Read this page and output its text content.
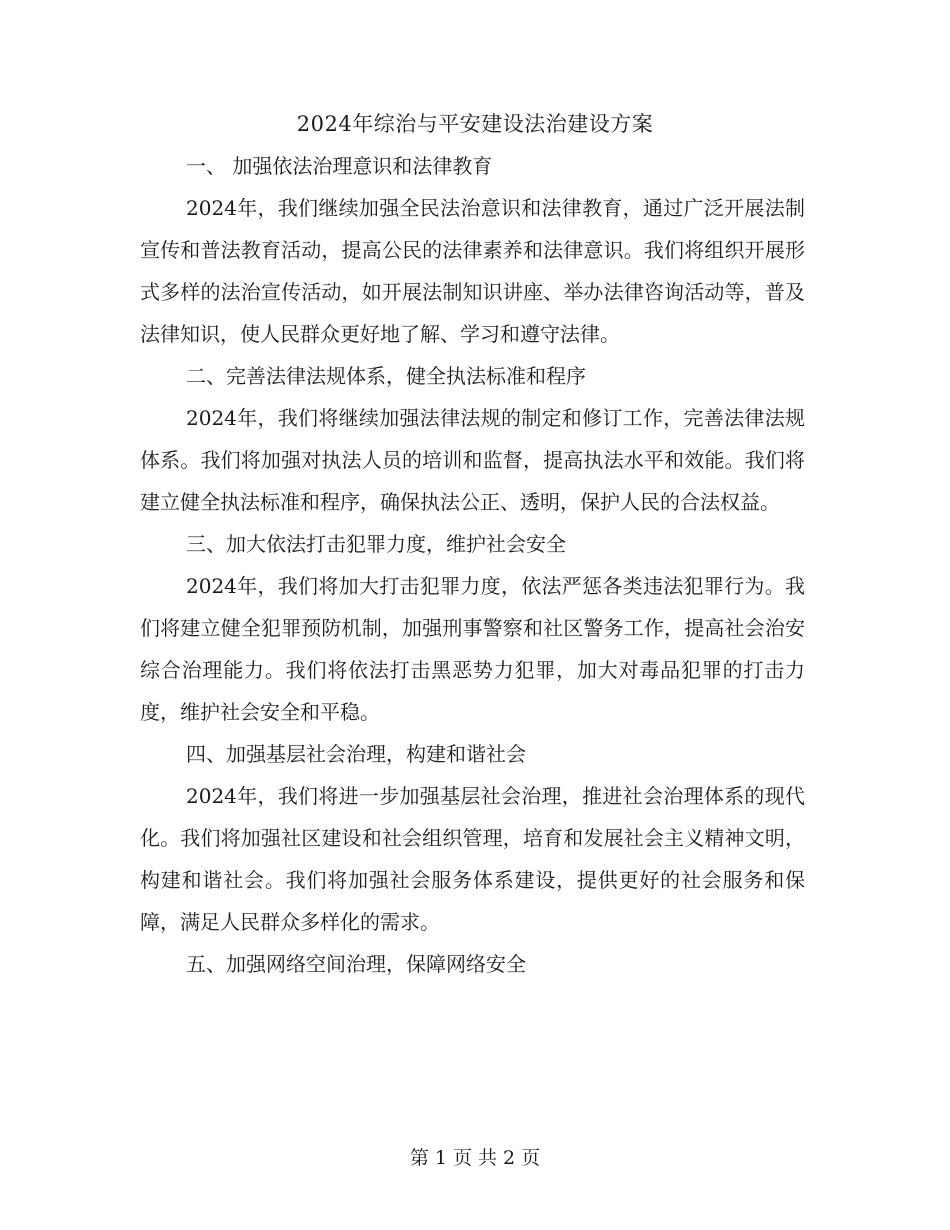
2024年综治与平安建设法治建设方案

一、 加强依法治理意识和法律教育

2024年，我们继续加强全民法治意识和法律教育，通过广泛开展法制宣传和普法教育活动，提高公民的法律素养和法律意识。我们将组织开展形式多样的法治宣传活动，如开展法制知识讲座、举办法律咨询活动等，普及法律知识，使人民群众更好地了解、学习和遵守法律。

二、完善法律法规体系，健全执法标准和程序

2024年，我们将继续加强法律法规的制定和修订工作，完善法律法规体系。我们将加强对执法人员的培训和监督，提高执法水平和效能。我们将建立健全执法标准和程序，确保执法公正、透明，保护人民的合法权益。

三、加大依法打击犯罪力度，维护社会安全

2024年，我们将加大打击犯罪力度，依法严惩各类违法犯罪行为。我们将建立健全犯罪预防机制，加强刑事警察和社区警务工作，提高社会治安综合治理能力。我们将依法打击黑恶势力犯罪，加大对毒品犯罪的打击力度，维护社会安全和平稳。

四、加强基层社会治理，构建和谐社会

2024年，我们将进一步加强基层社会治理，推进社会治理体系的现代化。我们将加强社区建设和社会组织管理，培育和发展社会主义精神文明，构建和谐社会。我们将加强社会服务体系建设，提供更好的社会服务和保障，满足人民群众多样化的需求。

五、加强网络空间治理，保障网络安全

第 1 页 共 2 页
